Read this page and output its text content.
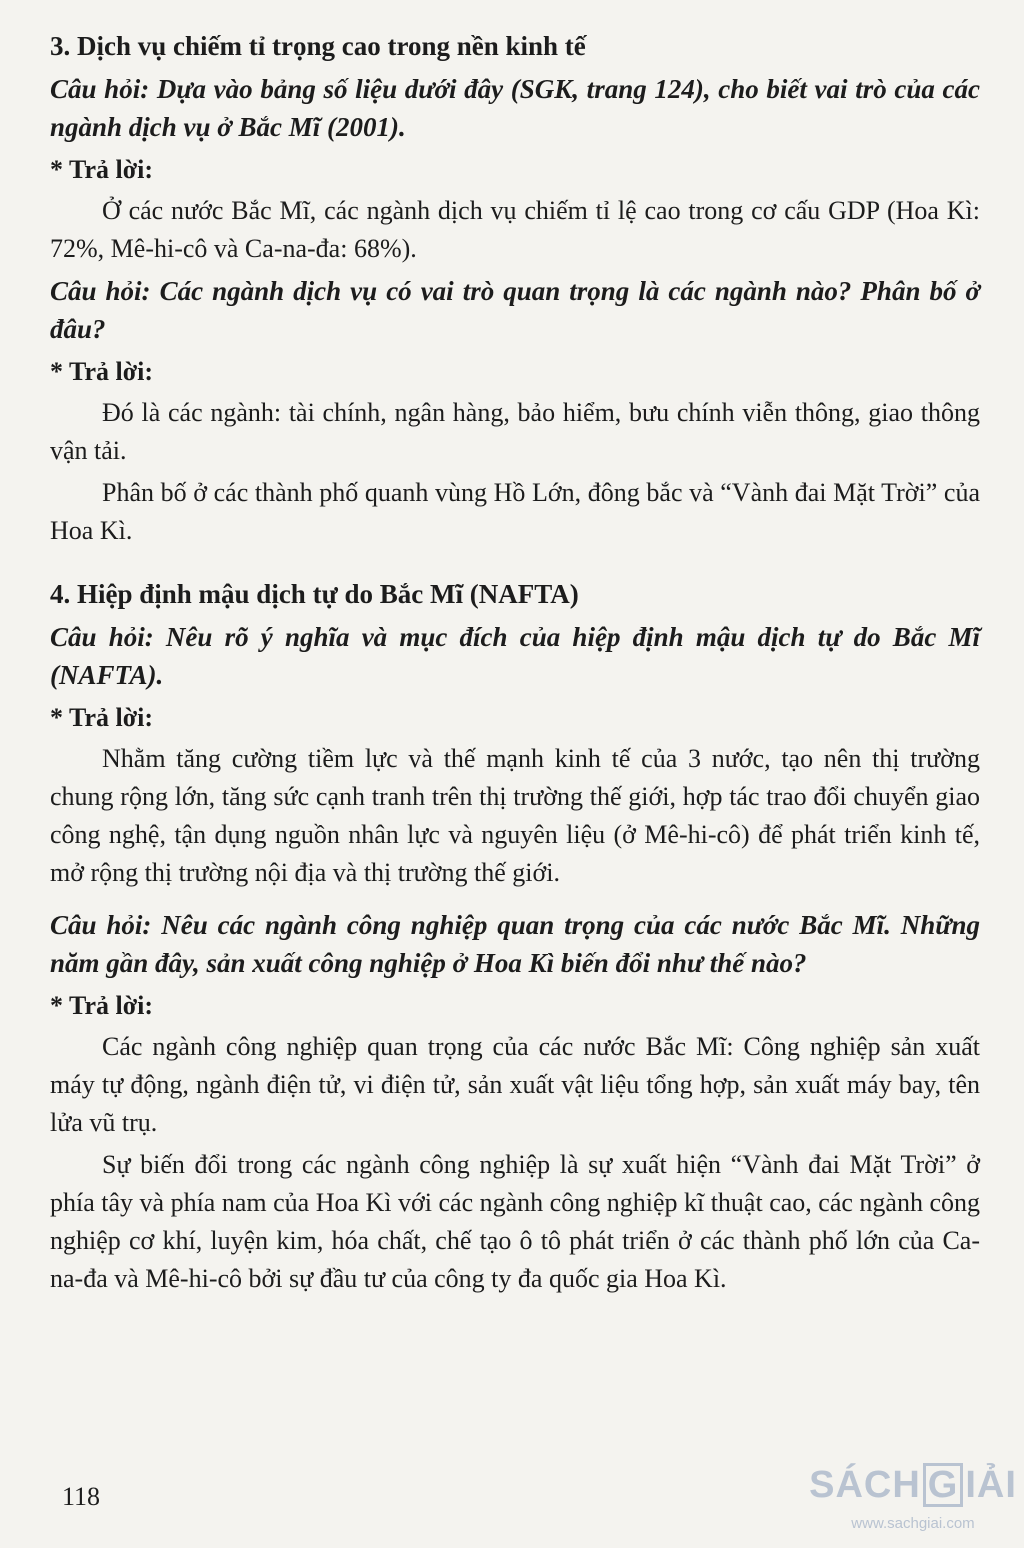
3. Dịch vụ chiếm tỉ trọng cao trong nền kinh tế
Câu hỏi: Dựa vào bảng số liệu dưới đây (SGK, trang 124), cho biết vai trò của các ngành dịch vụ ở Bắc Mĩ (2001).
* Trả lời:
Ở các nước Bắc Mĩ, các ngành dịch vụ chiếm tỉ lệ cao trong cơ cấu GDP (Hoa Kì: 72%, Mê-hi-cô và Ca-na-đa: 68%).
Câu hỏi: Các ngành dịch vụ có vai trò quan trọng là các ngành nào? Phân bố ở đâu?
* Trả lời:
Đó là các ngành: tài chính, ngân hàng, bảo hiểm, bưu chính viễn thông, giao thông vận tải.
Phân bố ở các thành phố quanh vùng Hồ Lớn, đông bắc và “Vành đai Mặt Trời” của Hoa Kì.
4. Hiệp định mậu dịch tự do Bắc Mĩ (NAFTA)
Câu hỏi: Nêu rõ ý nghĩa và mục đích của hiệp định mậu dịch tự do Bắc Mĩ (NAFTA).
* Trả lời:
Nhằm tăng cường tiềm lực và thế mạnh kinh tế của 3 nước, tạo nên thị trường chung rộng lớn, tăng sức cạnh tranh trên thị trường thế giới, hợp tác trao đổi chuyển giao công nghệ, tận dụng nguồn nhân lực và nguyên liệu (ở Mê-hi-cô) để phát triển kinh tế, mở rộng thị trường nội địa và thị trường thế giới.
Câu hỏi: Nêu các ngành công nghiệp quan trọng của các nước Bắc Mĩ. Những năm gần đây, sản xuất công nghiệp ở Hoa Kì biến đổi như thế nào?
* Trả lời:
Các ngành công nghiệp quan trọng của các nước Bắc Mĩ: Công nghiệp sản xuất máy tự động, ngành điện tử, vi điện tử, sản xuất vật liệu tổng hợp, sản xuất máy bay, tên lửa vũ trụ.
Sự biến đổi trong các ngành công nghiệp là sự xuất hiện “Vành đai Mặt Trời” ở phía tây và phía nam của Hoa Kì với các ngành công nghiệp kĩ thuật cao, các ngành công nghiệp cơ khí, luyện kim, hóa chất, chế tạo ô tô phát triển ở các thành phố lớn của Ca-na-đa và Mê-hi-cô bởi sự đầu tư của công ty đa quốc gia Hoa Kì.
118	SÁCH G IẢI
www.sachgiai.com
